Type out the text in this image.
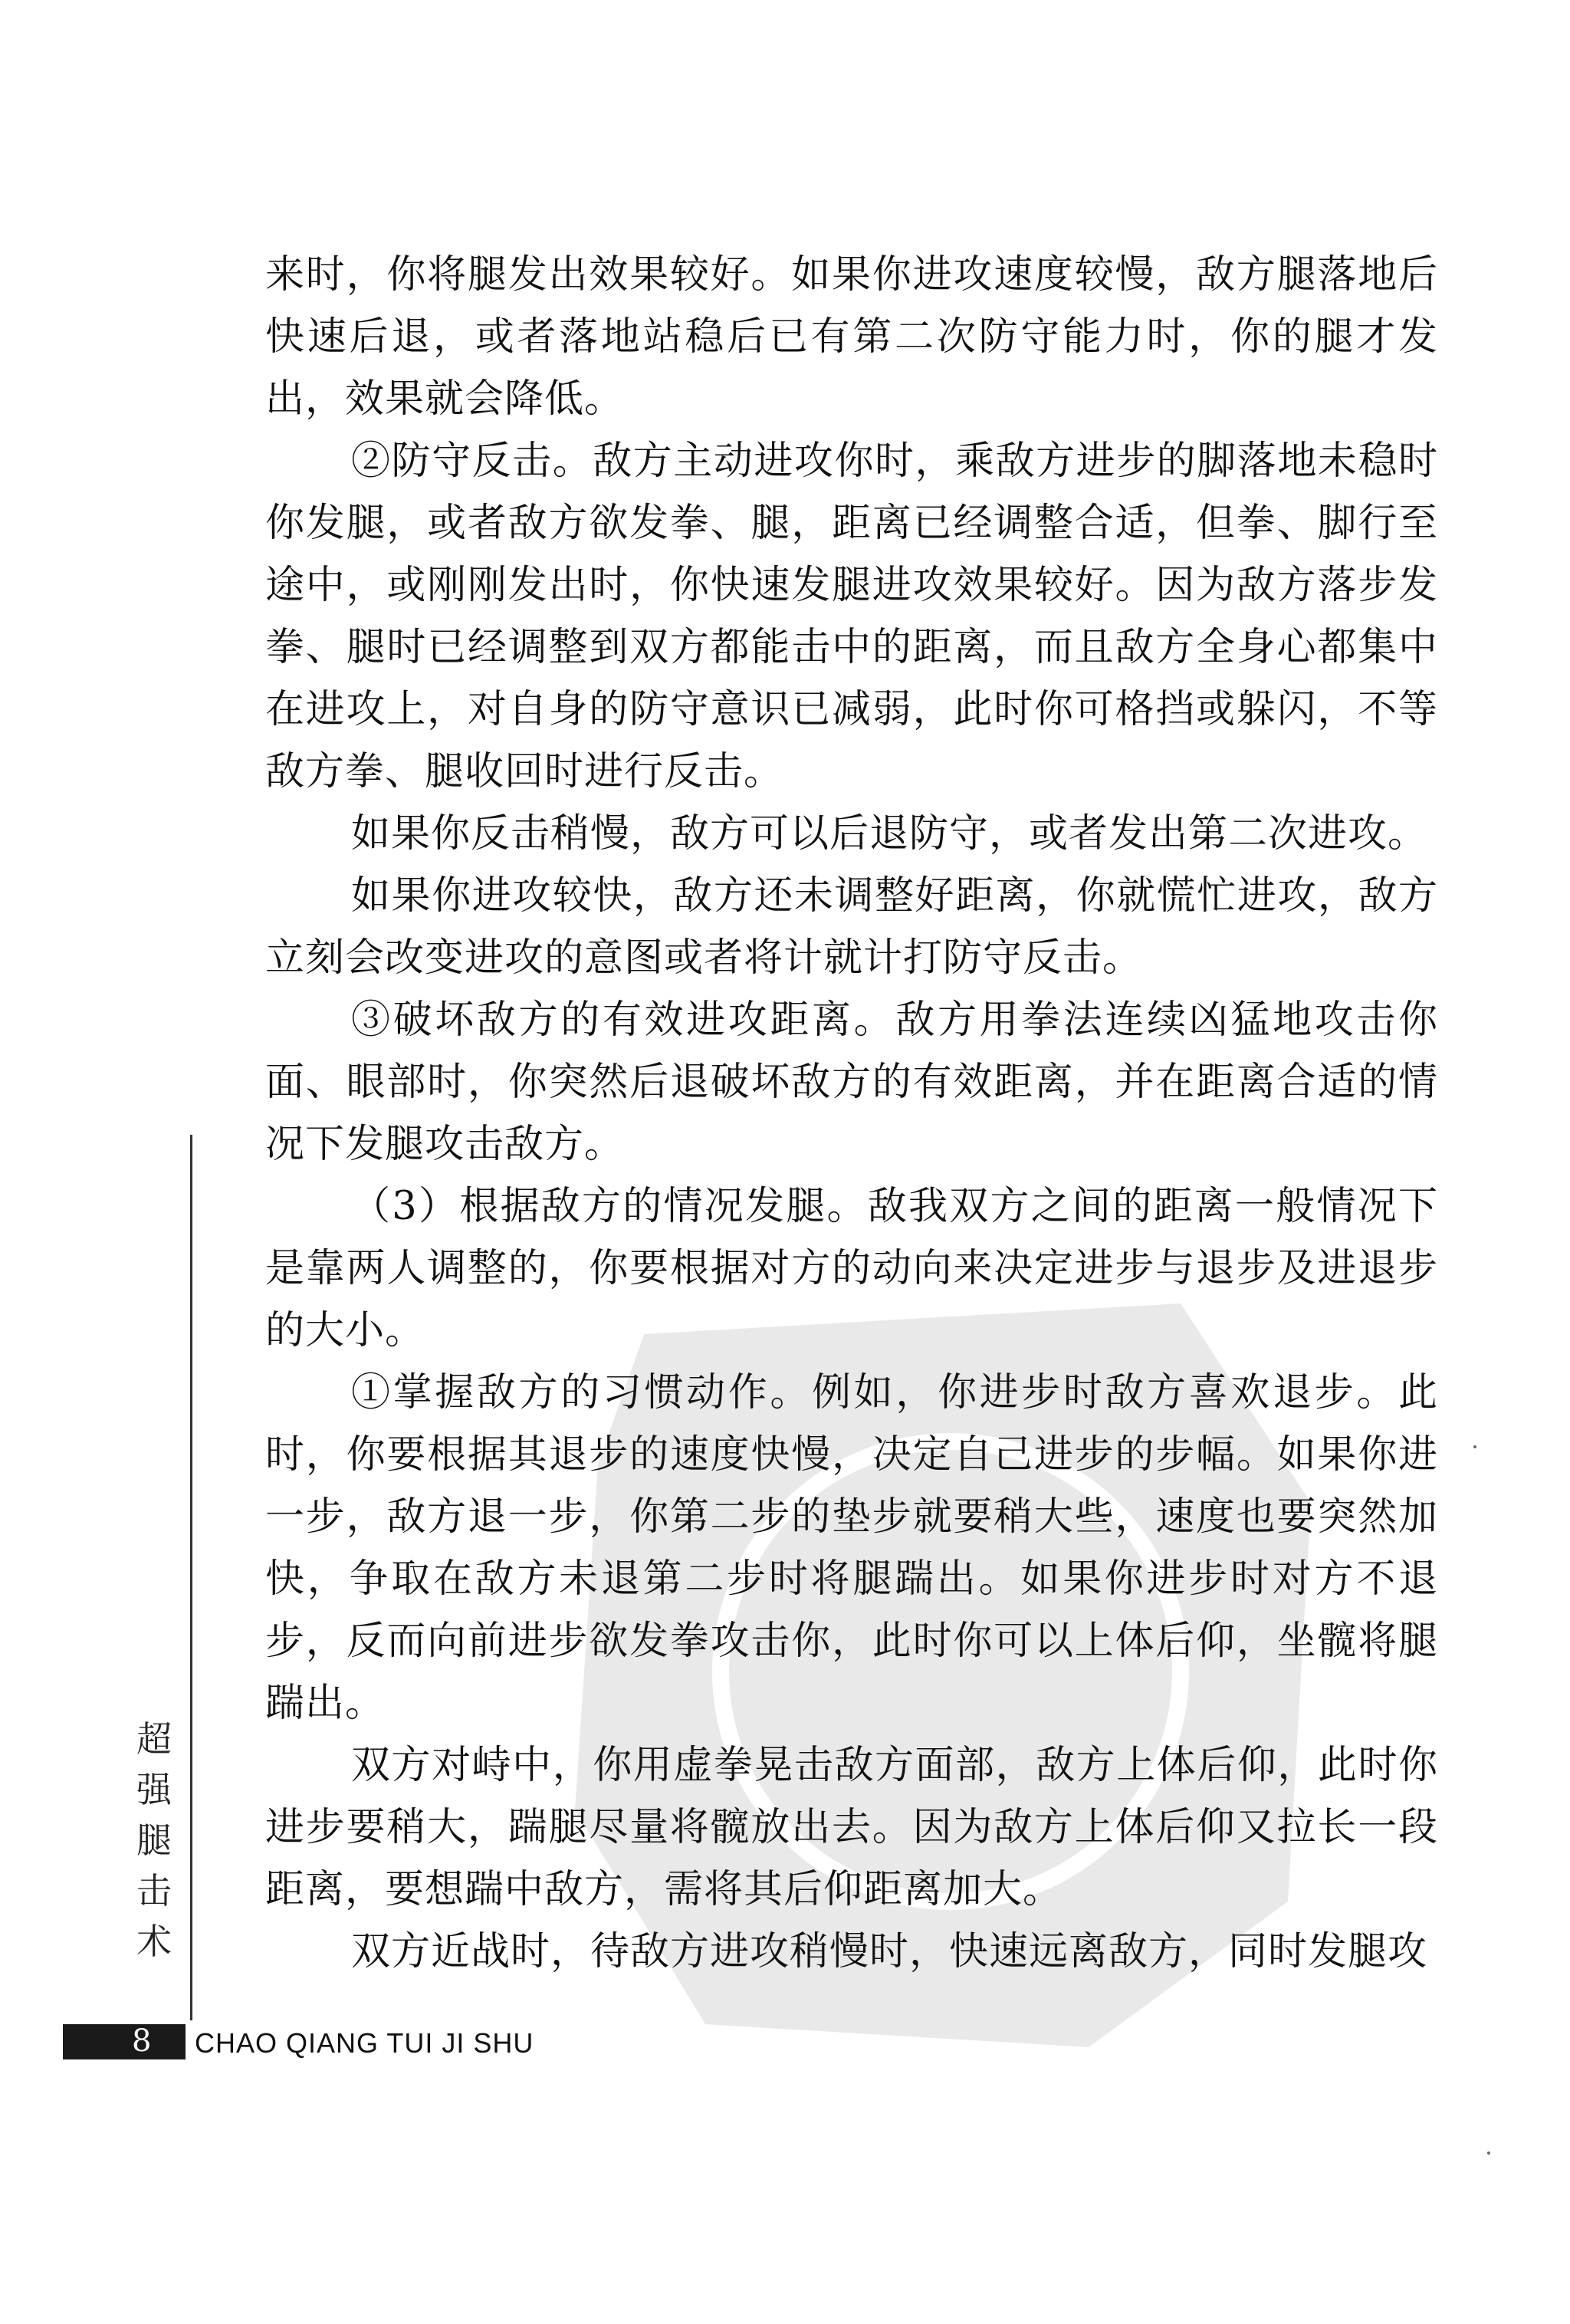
来时，你将腿发出效果较好。如果你进攻速度较慢，敌方腿落地后快速后退，或者落地站稳后已有第二次防守能力时，你的腿才发出，效果就会降低。

②防守反击。敌方主动进攻你时，乘敌方进步的脚落地未稳时你发腿，或者敌方欲发拳、腿，距离已经调整合适，但拳、脚行至途中，或刚刚发出时，你快速发腿进攻效果较好。因为敌方落步发拳、腿时已经调整到双方都能击中的距离，而且敌方全身心都集中在进攻上，对自身的防守意识已减弱，此时你可格挡或躲闪，不等敌方拳、腿收回时进行反击。

如果你反击稍慢，敌方可以后退防守，或者发出第二次进攻。

如果你进攻较快，敌方还未调整好距离，你就慌忙进攻，敌方立刻会改变进攻的意图或者将计就计打防守反击。

③破坏敌方的有效进攻距离。敌方用拳法连续凶猛地攻击你面、眼部时，你突然后退破坏敌方的有效距离，并在距离合适的情况下发腿攻击敌方。

（3）根据敌方的情况发腿。敌我双方之间的距离一般情况下是靠两人调整的，你要根据对方的动向来决定进步与退步及进退步的大小。

①掌握敌方的习惯动作。例如，你进步时敌方喜欢退步。此时，你要根据其退步的速度快慢，决定自己进步的步幅。如果你进一步，敌方退一步，你第二步的垫步就要稍大些，速度也要突然加快，争取在敌方未退第二步时将腿踹出。如果你进步时对方不退步，反而向前进步欲发拳攻击你，此时你可以上体后仰，坐髋将腿踹出。

双方对峙中，你用虚拳晃击敌方面部，敌方上体后仰，此时你进步要稍大，踹腿尽量将髋放出去。因为敌方上体后仰又拉长一段距离，要想踹中敌方，需将其后仰距离加大。

双方近战时，待敌方进攻稍慢时，快速远离敌方，同时发腿攻

超强腿击术
8	CHAO QIANG TUI JI SHU
